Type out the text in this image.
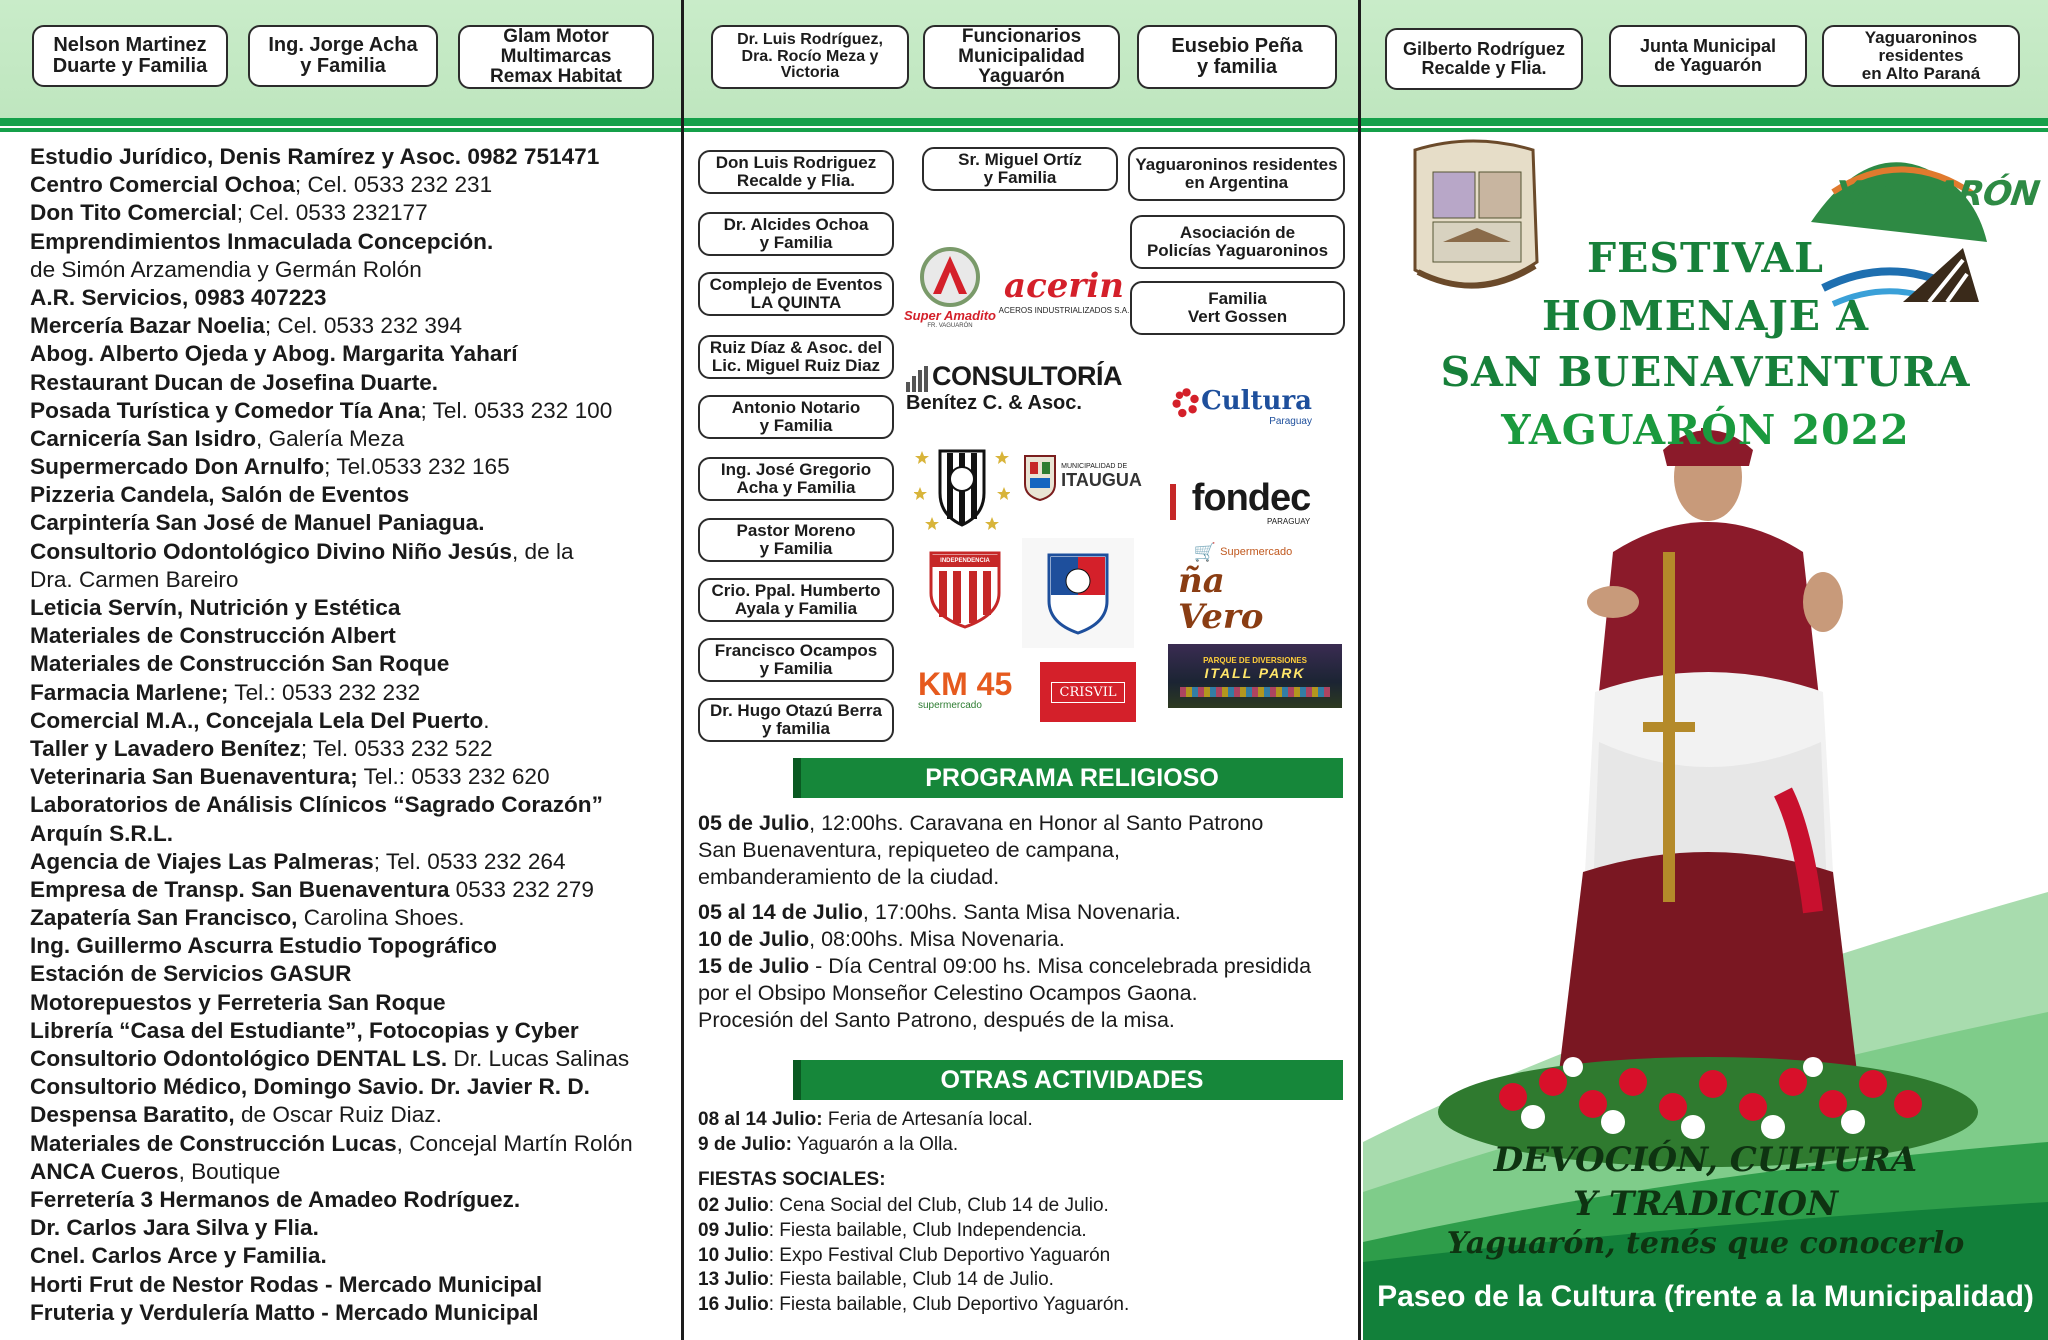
Nelson Martinez
Duarte y Familia
Ing. Jorge Acha
y Familia
Glam Motor
Multimarcas
Remax Habitat
Dr. Luis Rodríguez,
Dra. Rocío Meza y
Victoria
Funcionarios
Municipalidad
Yaguarón
Eusebio Peña
y familia
Gilberto Rodríguez
Recalde y Flia.
Junta Municipal
de Yaguarón
Yaguaroninos residentes
en Alto Paraná
Estudio Jurídico, Denis Ramírez y Asoc. 0982 751471
Centro Comercial Ochoa; Cel. 0533 232 231
Don Tito Comercial; Cel. 0533 232177
Emprendimientos Inmaculada Concepción.
de Simón Arzamendia y Germán Rolón
A.R. Servicios, 0983 407223
Mercería Bazar Noelia; Cel. 0533 232 394
Abog. Alberto Ojeda y Abog. Margarita Yaharí
Restaurant Ducan de Josefina Duarte.
Posada Turística y Comedor Tía Ana; Tel. 0533 232 100
Carnicería San Isidro, Galería Meza
Supermercado Don Arnulfo; Tel.0533 232 165
Pizzeria Candela, Salón de Eventos
Carpintería San José de Manuel Paniagua.
Consultorio Odontológico Divino Niño Jesús, de la
Dra. Carmen Bareiro
Leticia Servín, Nutrición y Estética
Materiales de Construcción Albert
Materiales de Construcción San Roque
Farmacia Marlene; Tel.: 0533 232 232
Comercial M.A., Concejala Lela Del Puerto.
Taller y Lavadero Benítez; Tel. 0533 232 522
Veterinaria San Buenaventura; Tel.: 0533 232 620
Laboratorios de Análisis Clínicos “Sagrado Corazón”
Arquín S.R.L.
Agencia de Viajes Las Palmeras; Tel. 0533 232 264
Empresa de Transp. San Buenaventura 0533 232 279
Zapatería San Francisco, Carolina Shoes.
Ing. Guillermo Ascurra Estudio Topográfico
Estación de Servicios GASUR
Motorepuestos y Ferreteria San Roque
Librería “Casa del Estudiante”, Fotocopias y Cyber
Consultorio Odontológico DENTAL LS. Dr. Lucas Salinas
Consultorio Médico, Domingo Savio. Dr. Javier R. D.
Despensa Baratito, de Oscar Ruiz Diaz.
Materiales de Construcción Lucas, Concejal Martín Rolón
ANCA Cueros, Boutique
Ferretería 3 Hermanos de Amadeo Rodríguez.
Dr. Carlos Jara Silva y Flia.
Cnel. Carlos Arce y Familia.
Horti Frut de Nestor Rodas - Mercado Municipal
Fruteria y Verdulería Matto - Mercado Municipal
Don Luis Rodriguez
Recalde y Flia.
Dr. Alcides Ochoa
y Familia
Complejo de Eventos
LA QUINTA
Ruiz Díaz & Asoc. del
Lic. Miguel Ruiz Diaz
Antonio Notario
y Familia
Ing. José Gregorio
Acha y Familia
Pastor Moreno
y Familia
Crio. Ppal. Humberto
Ayala y Familia
Francisco Ocampos
y Familia
Dr. Hugo Otazú Berra
y familia
Sr. Miguel Ortíz
y Familia
Yaguaroninos residentes
en Argentina
Asociación de
Policías Yaguaroninos
Familia
Vert Gossen
Super Amadito
FR. VAGUARÓN
acerin
ACEROS INDUSTRIALIZADOS S.A.
CONSULTORÍA
Benítez C. & Asoc.	Cultura
Paraguay
MUNICIPALIDAD DE
ITAUGUA fondec
PARAGUAY
INDEPENDENCIA	🛒 Supermercado
ña Vero
KM 45
supermercado
CRISVIL
PARQUE DE DIVERSIONES
ITALL PARK
PROGRAMA RELIGIOSO
05 de Julio, 12:00hs. Caravana en Honor al Santo Patrono
San Buenaventura, repiqueteo de campana,
embanderamiento de la ciudad.
05 al 14 de Julio, 17:00hs. Santa Misa Novenaria.
10 de Julio, 08:00hs. Misa Novenaria.
15 de Julio - Día Central 09:00 hs. Misa concelebrada presidida
por el Obsipo Monseñor Celestino Ocampos Gaona.
Procesión del Santo Patrono, después de la misa.
OTRAS ACTIVIDADES
08 al 14 Julio: Feria de Artesanía local.
9 de Julio: Yaguarón a la Olla.
FIESTAS SOCIALES:
02 Julio: Cena Social del Club, Club 14 de Julio.
09 Julio: Fiesta bailable, Club Independencia.
10 Julio: Expo Festival Club Deportivo Yaguarón
13 Julio: Fiesta bailable, Club 14 de Julio.
16 Julio: Fiesta bailable, Club Deportivo Yaguarón.
YAGUARÓN
FESTIVAL
HOMENAJE A
SAN BUENAVENTURA
YAGUARÓN 2022
DEVOCIÓN, CULTURA
Y TRADICION
Yaguarón, tenés que conocerlo
Paseo de la Cultura (frente a la Municipalidad)
